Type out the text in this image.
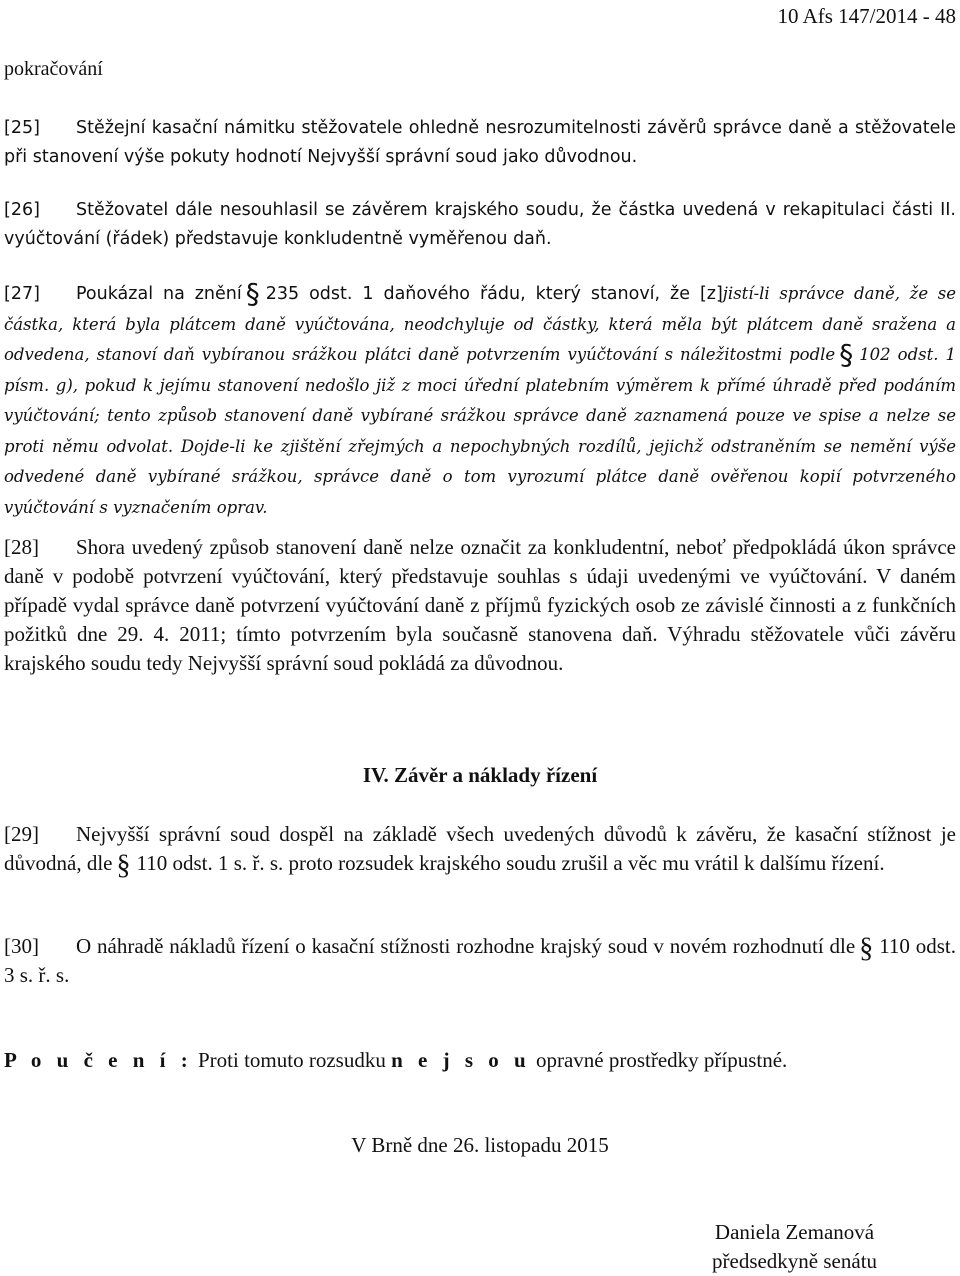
10 Afs 147/2014 - 48
pokračování
[25] Stěžejní kasační námitku stěžovatele ohledně nesrozumitelnosti závěrů správce daně a stěžovatele při stanovení výše pokuty hodnotí Nejvyšší správní soud jako důvodnou.
[26] Stěžovatel dále nesouhlasil se závěrem krajského soudu, že částka uvedená v rekapitulaci části II. vyúčtování (řádek) představuje konkludentně vyměřenou daň.
[27] Poukázal na znění § 235 odst. 1 daňového řádu, který stanoví, že [z]jistí-li správce daně, že se částka, která byla plátcem daně vyúčtována, neodchyluje od částky, která měla být plátcem daně sražena a odvedena, stanoví daň vybíranou srážkou plátci daně potvrzením vyúčtování s náležitostmi podle § 102 odst. 1 písm. g), pokud k jejímu stanovení nedošlo již z moci úřední platebním výměrem k přímé úhradě před podáním vyúčtování; tento způsob stanovení daně vybírané srážkou správce daně zaznamená pouze ve spise a nelze se proti němu odvolat. Dojde-li ke zjištění zřejmých a nepochybných rozdílů, jejichž odstraněním se nemění výše odvedené daně vybírané srážkou, správce daně o tom vyrozumí plátce daně ověřenou kopií potvrzeného vyúčtování s vyznačením oprav.
[28] Shora uvedený způsob stanovení daně nelze označit za konkludentní, neboť předpokládá úkon správce daně v podobě potvrzení vyúčtování, který představuje souhlas s údaji uvedenými ve vyúčtování. V daném případě vydal správce daně potvrzení vyúčtování daně z příjmů fyzických osob ze závislé činnosti a z funkčních požitků dne 29. 4. 2011; tímto potvrzením byla současně stanovena daň. Výhradu stěžovatele vůči závěru krajského soudu tedy Nejvyšší správní soud pokládá za důvodnou.
IV. Závěr a náklady řízení
[29] Nejvyšší správní soud dospěl na základě všech uvedených důvodů k závěru, že kasační stížnost je důvodná, dle § 110 odst. 1 s. ř. s. proto rozsudek krajského soudu zrušil a věc mu vrátil k dalšímu řízení.
[30] O náhradě nákladů řízení o kasační stížnosti rozhodne krajský soud v novém rozhodnutí dle § 110 odst. 3 s. ř. s.
P o u č e n í : Proti tomuto rozsudku n e j s o u opravné prostředky přípustné.
V Brně dne 26. listopadu 2015
Daniela Zemanová
předsedkyně senátu
